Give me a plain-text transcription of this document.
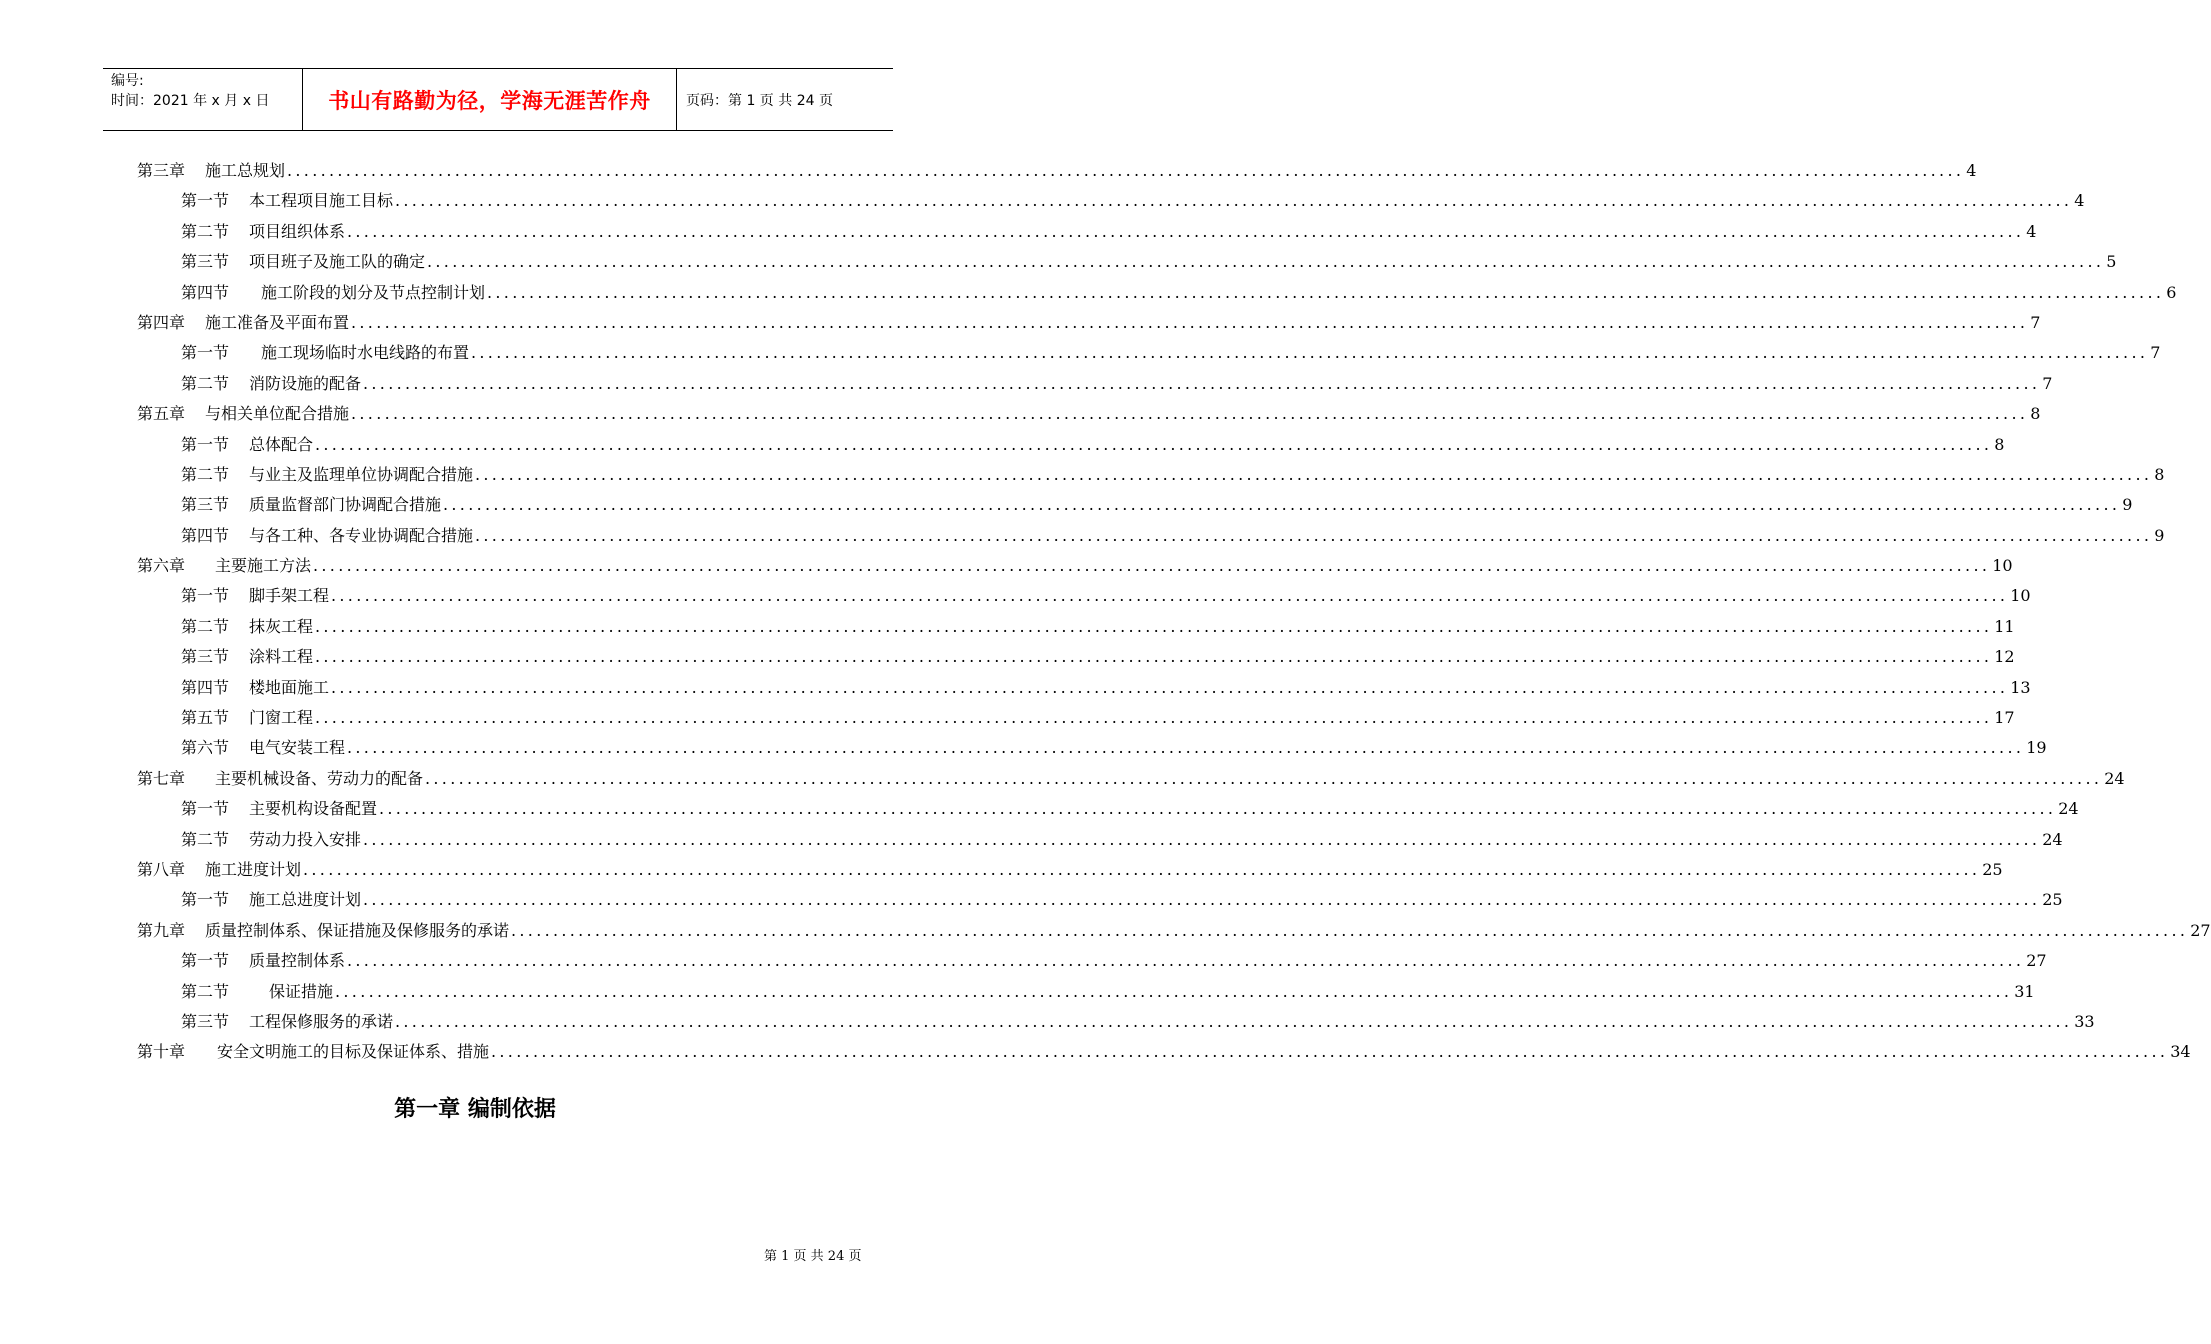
编号:
时间：2021 年 x 月 x 日	书山有路勤为径，学海无涯苦作舟	页码：第 1 页 共 24 页
第三章 施工总规划 ........................................................................................................................................................................................................ 4
第一节 本工程项目施工目标 ........................................................................................................................................................................................................ 4
第二节 项目组织体系 ........................................................................................................................................................................................................ 4
第三节 项目班子及施工队的确定 ........................................................................................................................................................................................................ 5
第四节 施工阶段的划分及节点控制计划 ........................................................................................................................................................................................................ 6
第四章 施工准备及平面布置 ........................................................................................................................................................................................................ 7
第一节 施工现场临时水电线路的布置 ........................................................................................................................................................................................................ 7
第二节 消防设施的配备 ........................................................................................................................................................................................................ 7
第五章 与相关单位配合措施 ........................................................................................................................................................................................................ 8
第一节 总体配合 ........................................................................................................................................................................................................ 8
第二节 与业主及监理单位协调配合措施 ........................................................................................................................................................................................................ 8
第三节 质量监督部门协调配合措施 ........................................................................................................................................................................................................ 9
第四节 与各工种、各专业协调配合措施 ........................................................................................................................................................................................................ 9
第六章 主要施工方法 ........................................................................................................................................................................................................ 10
第一节 脚手架工程 ........................................................................................................................................................................................................ 10
第二节 抹灰工程 ........................................................................................................................................................................................................ 11
第三节 涂料工程 ........................................................................................................................................................................................................ 12
第四节 楼地面施工 ........................................................................................................................................................................................................ 13
第五节 门窗工程 ........................................................................................................................................................................................................ 17
第六节 电气安装工程 ........................................................................................................................................................................................................ 19
第七章 主要机械设备、劳动力的配备 ........................................................................................................................................................................................................ 24
第一节 主要机构设备配置 ........................................................................................................................................................................................................ 24
第二节 劳动力投入安排 ........................................................................................................................................................................................................ 24
第八章 施工进度计划 ........................................................................................................................................................................................................ 25
第一节 施工总进度计划 ........................................................................................................................................................................................................ 25
第九章 质量控制体系、保证措施及保修服务的承诺 ........................................................................................................................................................................................................ 27
第一节 质量控制体系 ........................................................................................................................................................................................................ 27
第二节	保证措施 ........................................................................................................................................................................................................ 31
第三节 工程保修服务的承诺 ........................................................................................................................................................................................................ 33
第十章 安全文明施工的目标及保证体系、措施 ........................................................................................................................................................................................................ 34
第一章 编制依据
第 1 页 共 24 页
